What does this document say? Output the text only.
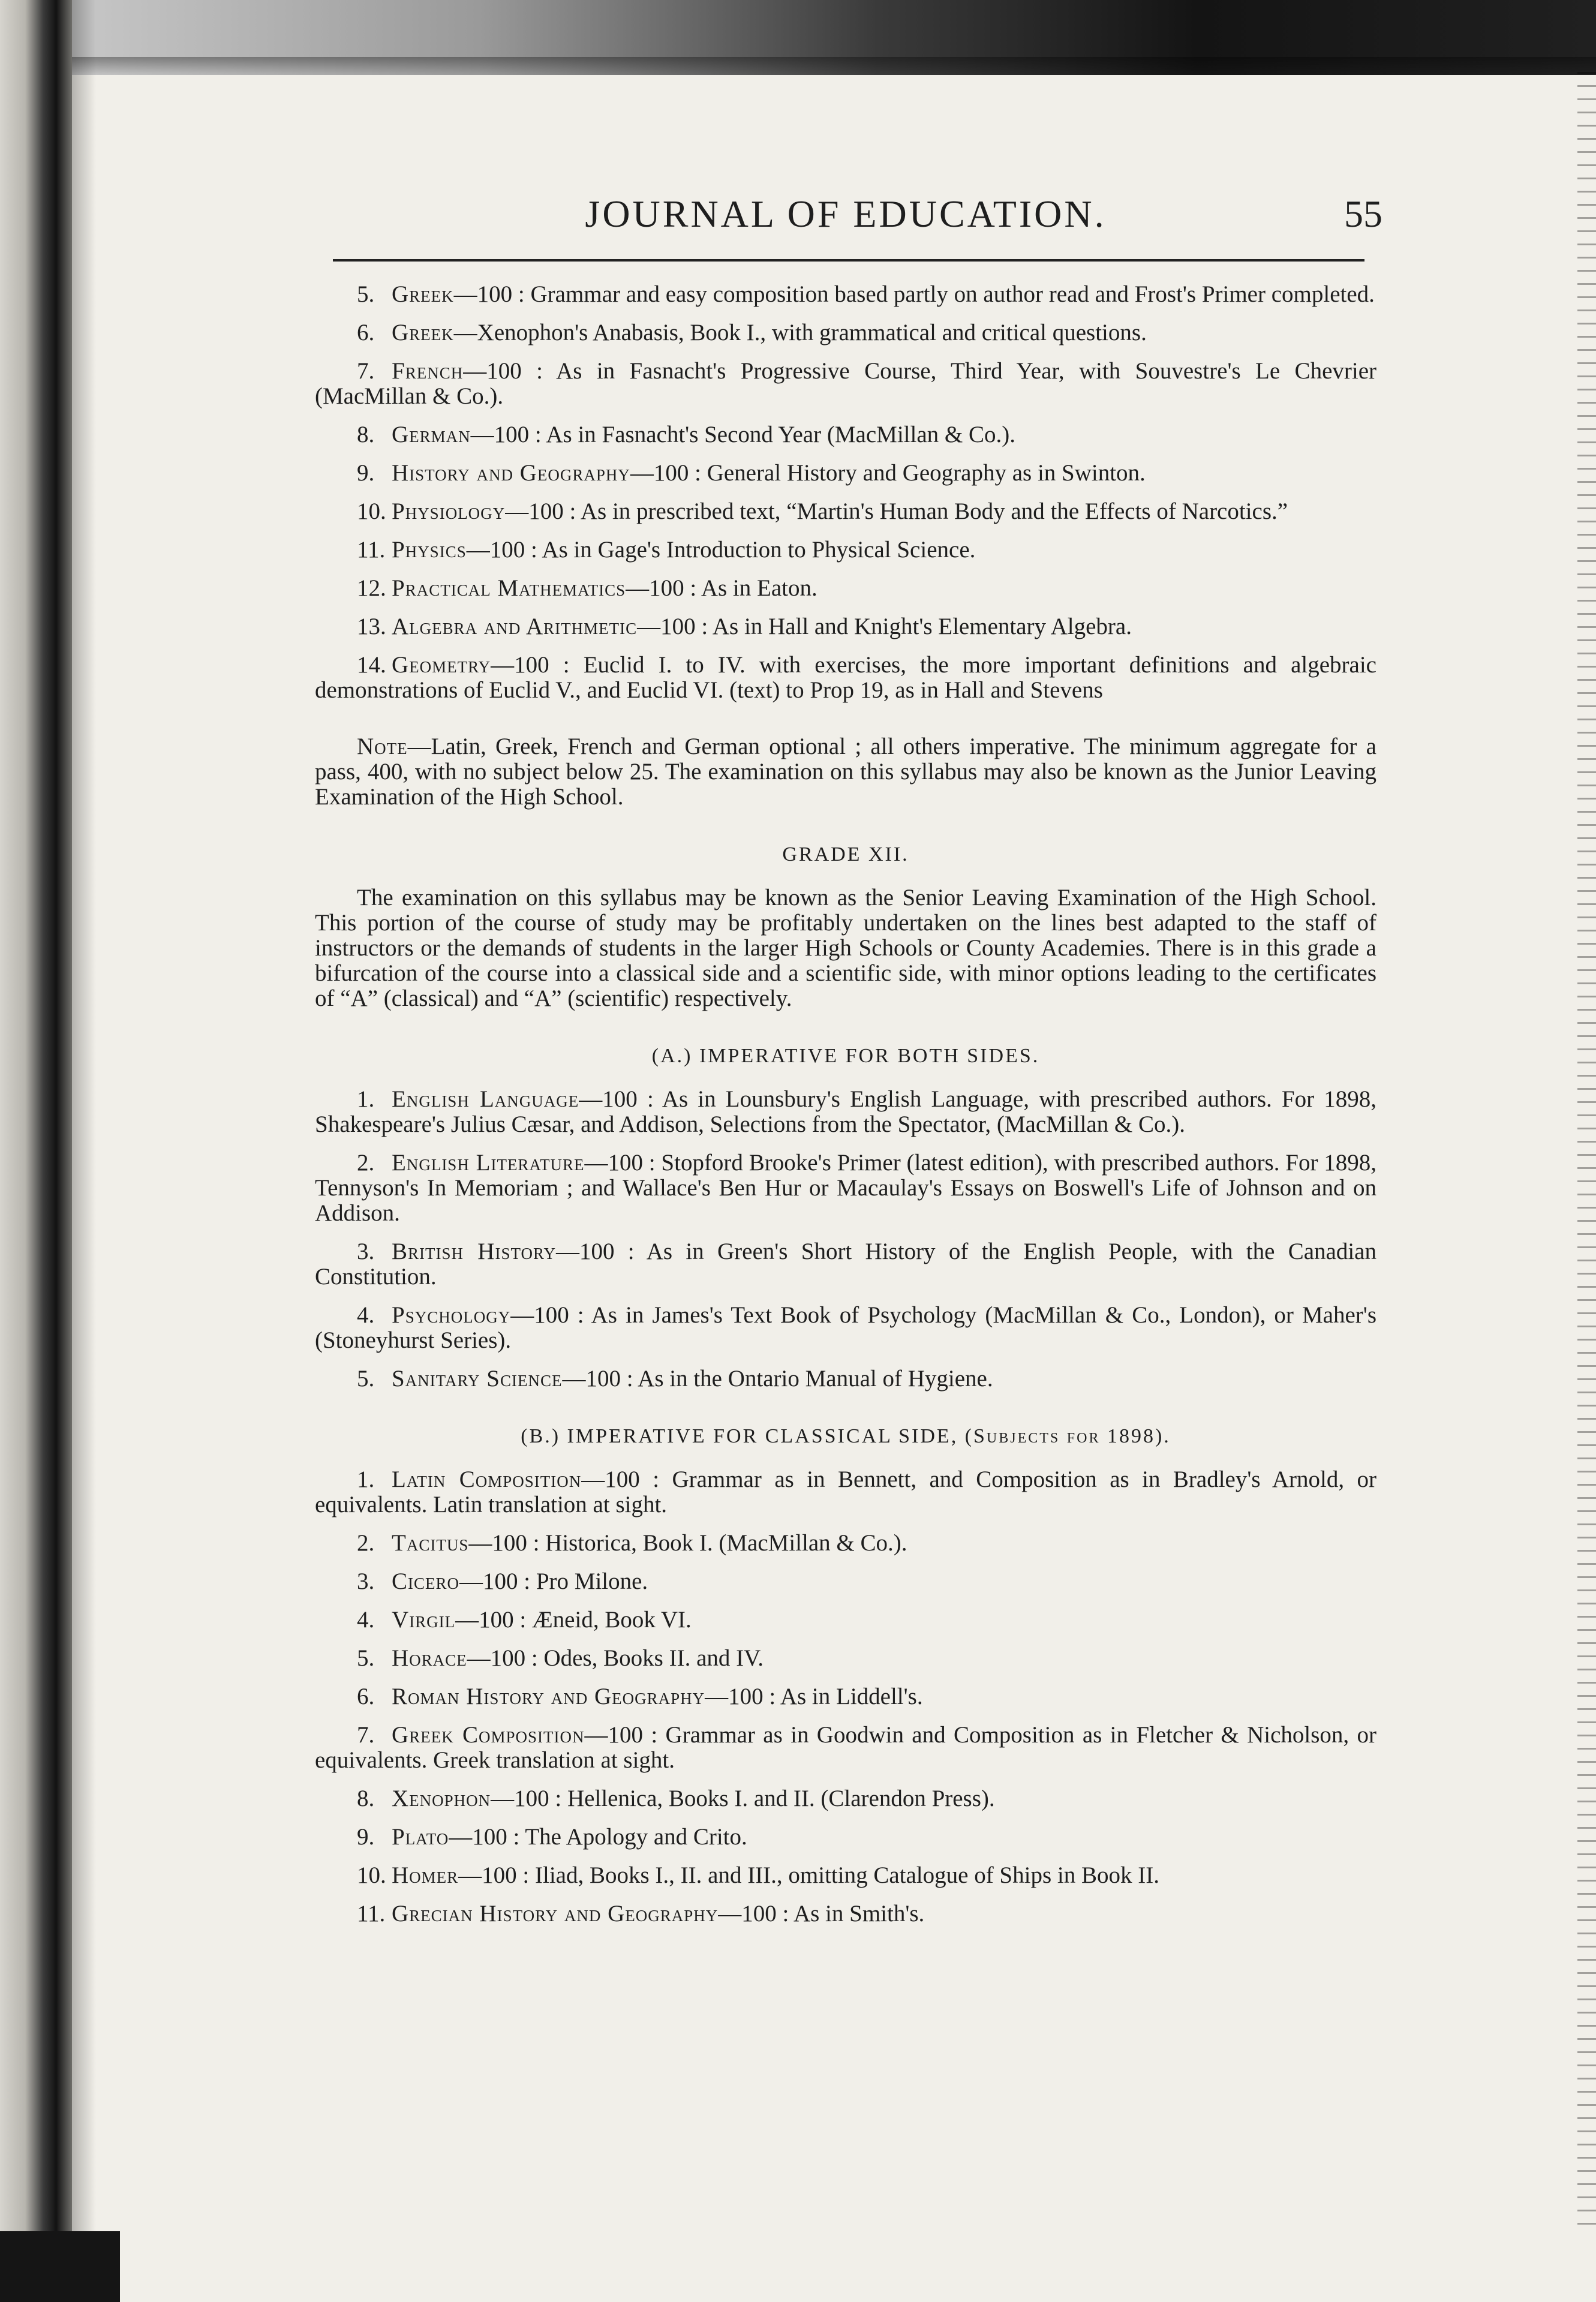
JOURNAL OF EDUCATION.	55

5. Greek—100 : Grammar and easy composition based partly on author read and Frost's Primer completed.

6. Greek—Xenophon's Anabasis, Book I., with grammatical and critical questions.

7. French—100 : As in Fasnacht's Progressive Course, Third Year, with Souvestre's Le Chevrier (MacMillan & Co.).

8. German—100 : As in Fasnacht's Second Year (MacMillan & Co.).

9. History and Geography—100 : General History and Geography as in Swinton.

10. Physiology—100 : As in prescribed text, “Martin's Human Body and the Effects of Narcotics.”

11. Physics—100 : As in Gage's Introduction to Physical Science.

12. Practical Mathematics—100 : As in Eaton.

13. Algebra and Arithmetic—100 : As in Hall and Knight's Elementary Algebra.

14. Geometry—100 : Euclid I. to IV. with exercises, the more important definitions and algebraic demonstrations of Euclid V., and Euclid VI. (text) to Prop 19, as in Hall and Stevens

Note—Latin, Greek, French and German optional ; all others imperative. The minimum aggregate for a pass, 400, with no subject below 25. The examination on this syllabus may also be known as the Junior Leaving Examination of the High School.

GRADE XII.

The examination on this syllabus may be known as the Senior Leaving Examination of the High School. This portion of the course of study may be profitably undertaken on the lines best adapted to the staff of instructors or the demands of students in the larger High Schools or County Academies. There is in this grade a bifurcation of the course into a classical side and a scientific side, with minor options leading to the certificates of “A” (classical) and “A” (scientific) respectively.

(A.) IMPERATIVE FOR BOTH SIDES.

1. English Language—100 : As in Lounsbury's English Language, with prescribed authors. For 1898, Shakespeare's Julius Cæsar, and Addison, Selections from the Spectator, (MacMillan & Co.).

2. English Literature—100 : Stopford Brooke's Primer (latest edition), with prescribed authors. For 1898, Tennyson's In Memoriam ; and Wallace's Ben Hur or Macaulay's Essays on Boswell's Life of Johnson and on Addison.

3. British History—100 : As in Green's Short History of the English People, with the Canadian Constitution.

4. Psychology—100 : As in James's Text Book of Psychology (MacMillan & Co., London), or Maher's (Stoneyhurst Series).

5. Sanitary Science—100 : As in the Ontario Manual of Hygiene.

(B.) IMPERATIVE FOR CLASSICAL SIDE, (Subjects for 1898).

1. Latin Composition—100 : Grammar as in Bennett, and Composition as in Bradley's Arnold, or equivalents. Latin translation at sight.

2. Tacitus—100 : Historica, Book I. (MacMillan & Co.).

3. Cicero—100 : Pro Milone.

4. Virgil—100 : Æneid, Book VI.

5. Horace—100 : Odes, Books II. and IV.

6. Roman History and Geography—100 : As in Liddell's.

7. Greek Composition—100 : Grammar as in Goodwin and Composition as in Fletcher & Nicholson, or equivalents. Greek translation at sight.

8. Xenophon—100 : Hellenica, Books I. and II. (Clarendon Press).

9. Plato—100 : The Apology and Crito.

10. Homer—100 : Iliad, Books I., II. and III., omitting Catalogue of Ships in Book II.

11. Grecian History and Geography—100 : As in Smith's.
